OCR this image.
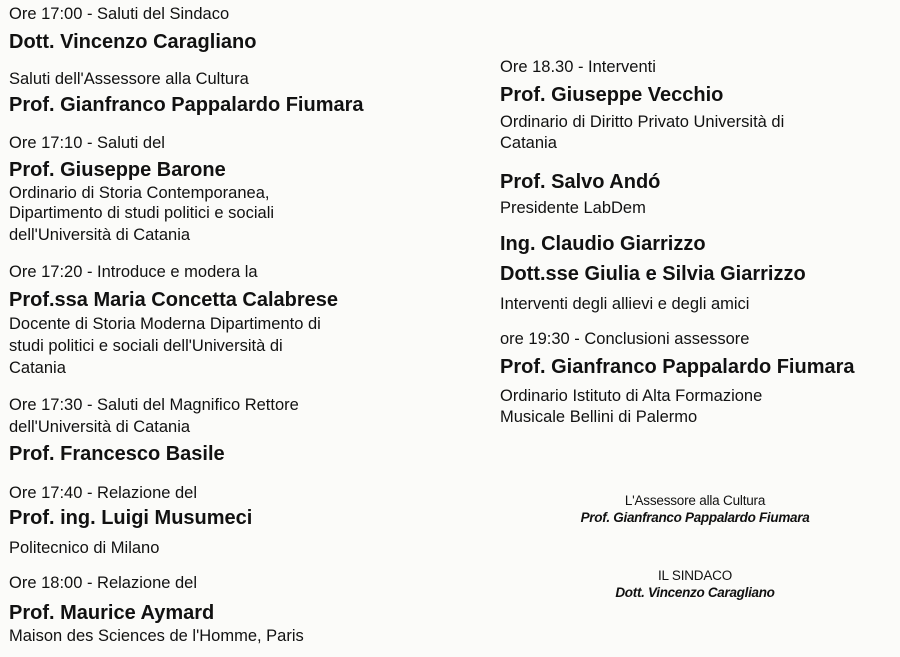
Ore 17:00 - Saluti del Sindaco
Dott. Vincenzo Caragliano
Saluti dell'Assessore alla Cultura
Prof. Gianfranco Pappalardo Fiumara
Ore 17:10 - Saluti del
Prof. Giuseppe Barone
Ordinario di Storia Contemporanea,
Dipartimento di studi politici e sociali
dell'Università di Catania
Ore 17:20 - Introduce e modera la
Prof.ssa Maria Concetta Calabrese
Docente di Storia Moderna Dipartimento di
studi politici e sociali dell'Università di
Catania
Ore 17:30 - Saluti del Magnifico Rettore
dell'Università di Catania
Prof. Francesco Basile
Ore 17:40 - Relazione del
Prof. ing. Luigi Musumeci
Politecnico di Milano
Ore 18:00 - Relazione del
Prof. Maurice Aymard
Maison des Sciences de l'Homme, Paris
Ore 18.30 - Interventi
Prof. Giuseppe Vecchio
Ordinario di Diritto Privato Università di
Catania
Prof. Salvo Andó
Presidente LabDem
Ing. Claudio Giarrizzo
Dott.sse Giulia e Silvia Giarrizzo
Interventi degli allievi e degli amici
ore 19:30 - Conclusioni assessore
Prof. Gianfranco Pappalardo Fiumara
Ordinario Istituto di Alta Formazione
Musicale Bellini di Palermo
L'Assessore alla Cultura
Prof. Gianfranco Pappalardo Fiumara
IL SINDACO
Dott. Vincenzo Caragliano
